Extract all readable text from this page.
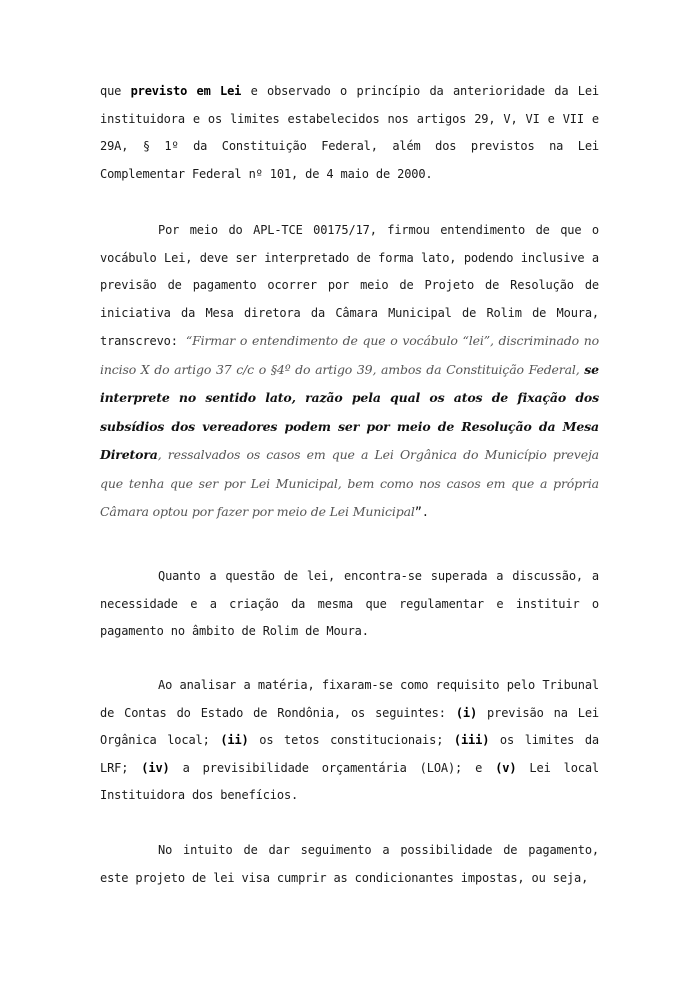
que previsto em Lei e observado o princípio da anterioridade da Lei instituidora e os limites estabelecidos nos artigos 29, V, VI e VII e 29A, § 1º da Constituição Federal, além dos previstos na Lei Complementar Federal nº 101, de 4 maio de 2000.

Por meio do APL-TCE 00175/17, firmou entendimento de que o vocábulo Lei, deve ser interpretado de forma lato, podendo inclusive a previsão de pagamento ocorrer por meio de Projeto de Resolução de iniciativa da Mesa diretora da Câmara Municipal de Rolim de Moura, transcrevo: “Firmar o entendimento de que o vocábulo “lei”, discriminado no inciso X do artigo 37 c/c o §4º do artigo 39, ambos da Constituição Federal, se interprete no sentido lato, razão pela qual os atos de fixação dos subsídios dos vereadores podem ser por meio de Resolução da Mesa Diretora, ressalvados os casos em que a Lei Orgânica do Município preveja que tenha que ser por Lei Municipal, bem como nos casos em que a própria Câmara optou por fazer por meio de Lei Municipal”.

Quanto a questão de lei, encontra-se superada a discussão, a necessidade e a criação da mesma que regulamentar e instituir o pagamento no âmbito de Rolim de Moura.

Ao analisar a matéria, fixaram-se como requisito pelo Tribunal de Contas do Estado de Rondônia, os seguintes: (i) previsão na Lei Orgânica local; (ii) os tetos constitucionais; (iii) os limites da LRF; (iv) a previsibilidade orçamentária (LOA); e (v) Lei local Instituidora dos benefícios.

No intuito de dar seguimento a possibilidade de pagamento, este projeto de lei visa cumprir as condicionantes impostas, ou seja,
